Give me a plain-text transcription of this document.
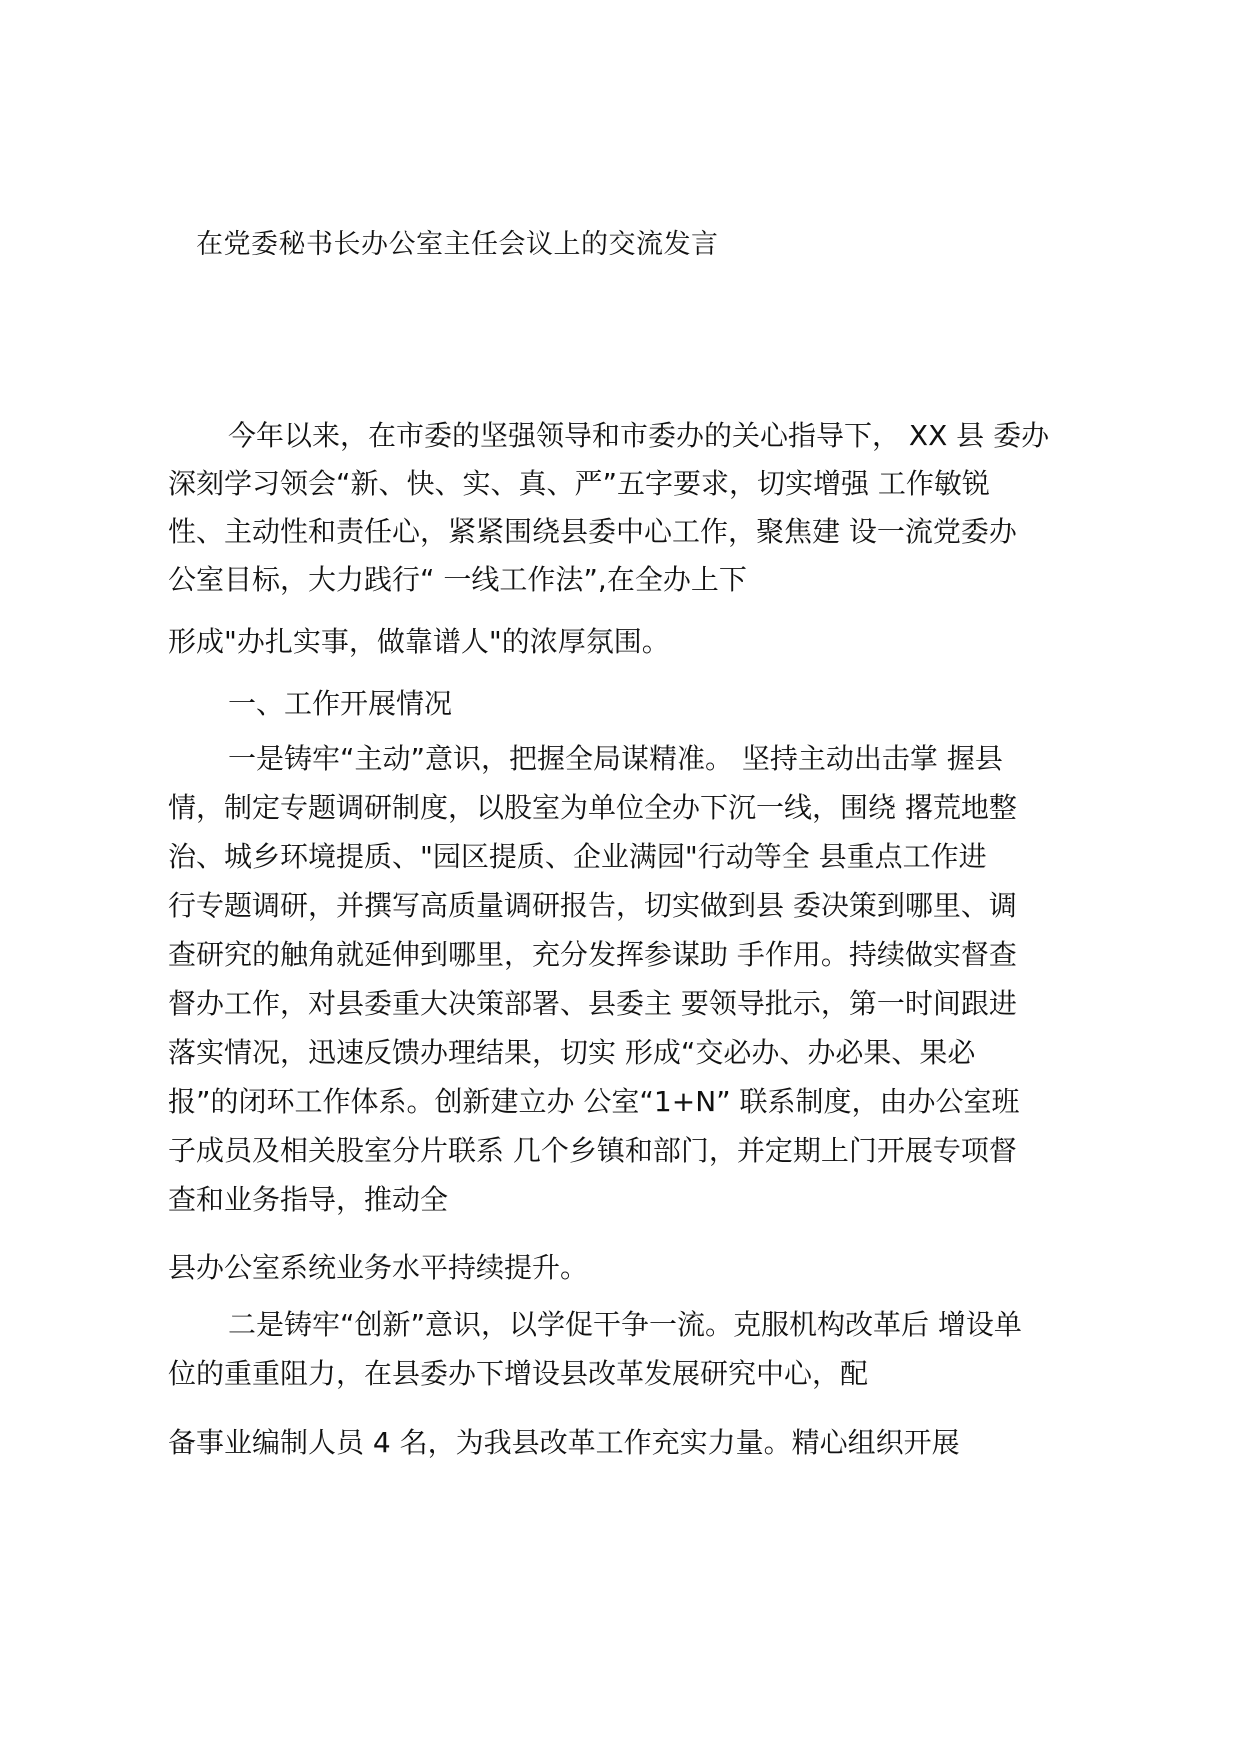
在党委秘书长办公室主任会议上的交流发言
今年以来，在市委的坚强领导和市委办的关心指导下， XX 县 委办
深刻学习领会“新、快、实、真、严”五字要求，切实增强 工作敏锐
性、主动性和责任心，紧紧围绕县委中心工作，聚焦建 设一流党委办
公室目标，大力践行“ 一线工作法”,在全办上下
形成"办扎实事，做靠谱人"的浓厚氛围。
一、工作开展情况
一是铸牢“主动”意识，把握全局谋精准。 坚持主动出击掌 握县
情，制定专题调研制度，以股室为单位全办下沉一线，围绕 撂荒地整
治、城乡环境提质、"园区提质、企业满园"行动等全 县重点工作进
行专题调研，并撰写高质量调研报告，切实做到县 委决策到哪里、调
查研究的触角就延伸到哪里，充分发挥参谋助 手作用。持续做实督查
督办工作，对县委重大决策部署、县委主 要领导批示，第一时间跟进
落实情况，迅速反馈办理结果，切实 形成“交必办、办必果、果必
报”的闭环工作体系。创新建立办 公室“1+N” 联系制度，由办公室班
子成员及相关股室分片联系 几个乡镇和部门，并定期上门开展专项督
查和业务指导，推动全
县办公室系统业务水平持续提升。
二是铸牢“创新”意识，以学促干争一流。克服机构改革后 增设单
位的重重阻力，在县委办下增设县改革发展研究中心，配
备事业编制人员 4 名，为我县改革工作充实力量。精心组织开展
